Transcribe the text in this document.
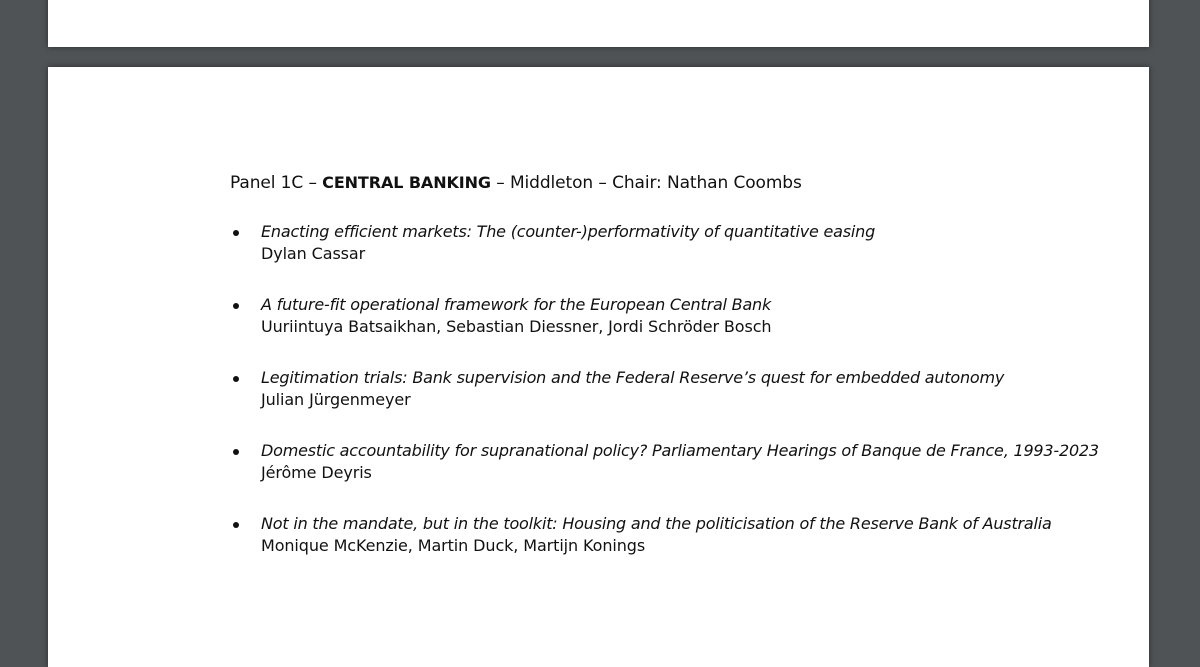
Panel 1C – CENTRAL BANKING – Middleton – Chair: Nathan Coombs
Enacting efficient markets: The (counter-)performativity of quantitative easing
Dylan Cassar
A future-fit operational framework for the European Central Bank
Uuriintuya Batsaikhan, Sebastian Diessner, Jordi Schröder Bosch
Legitimation trials: Bank supervision and the Federal Reserve’s quest for embedded autonomy
Julian Jürgenmeyer
Domestic accountability for supranational policy? Parliamentary Hearings of Banque de France, 1993-2023
Jérôme Deyris
Not in the mandate, but in the toolkit: Housing and the politicisation of the Reserve Bank of Australia
Monique McKenzie, Martin Duck, Martijn Konings
